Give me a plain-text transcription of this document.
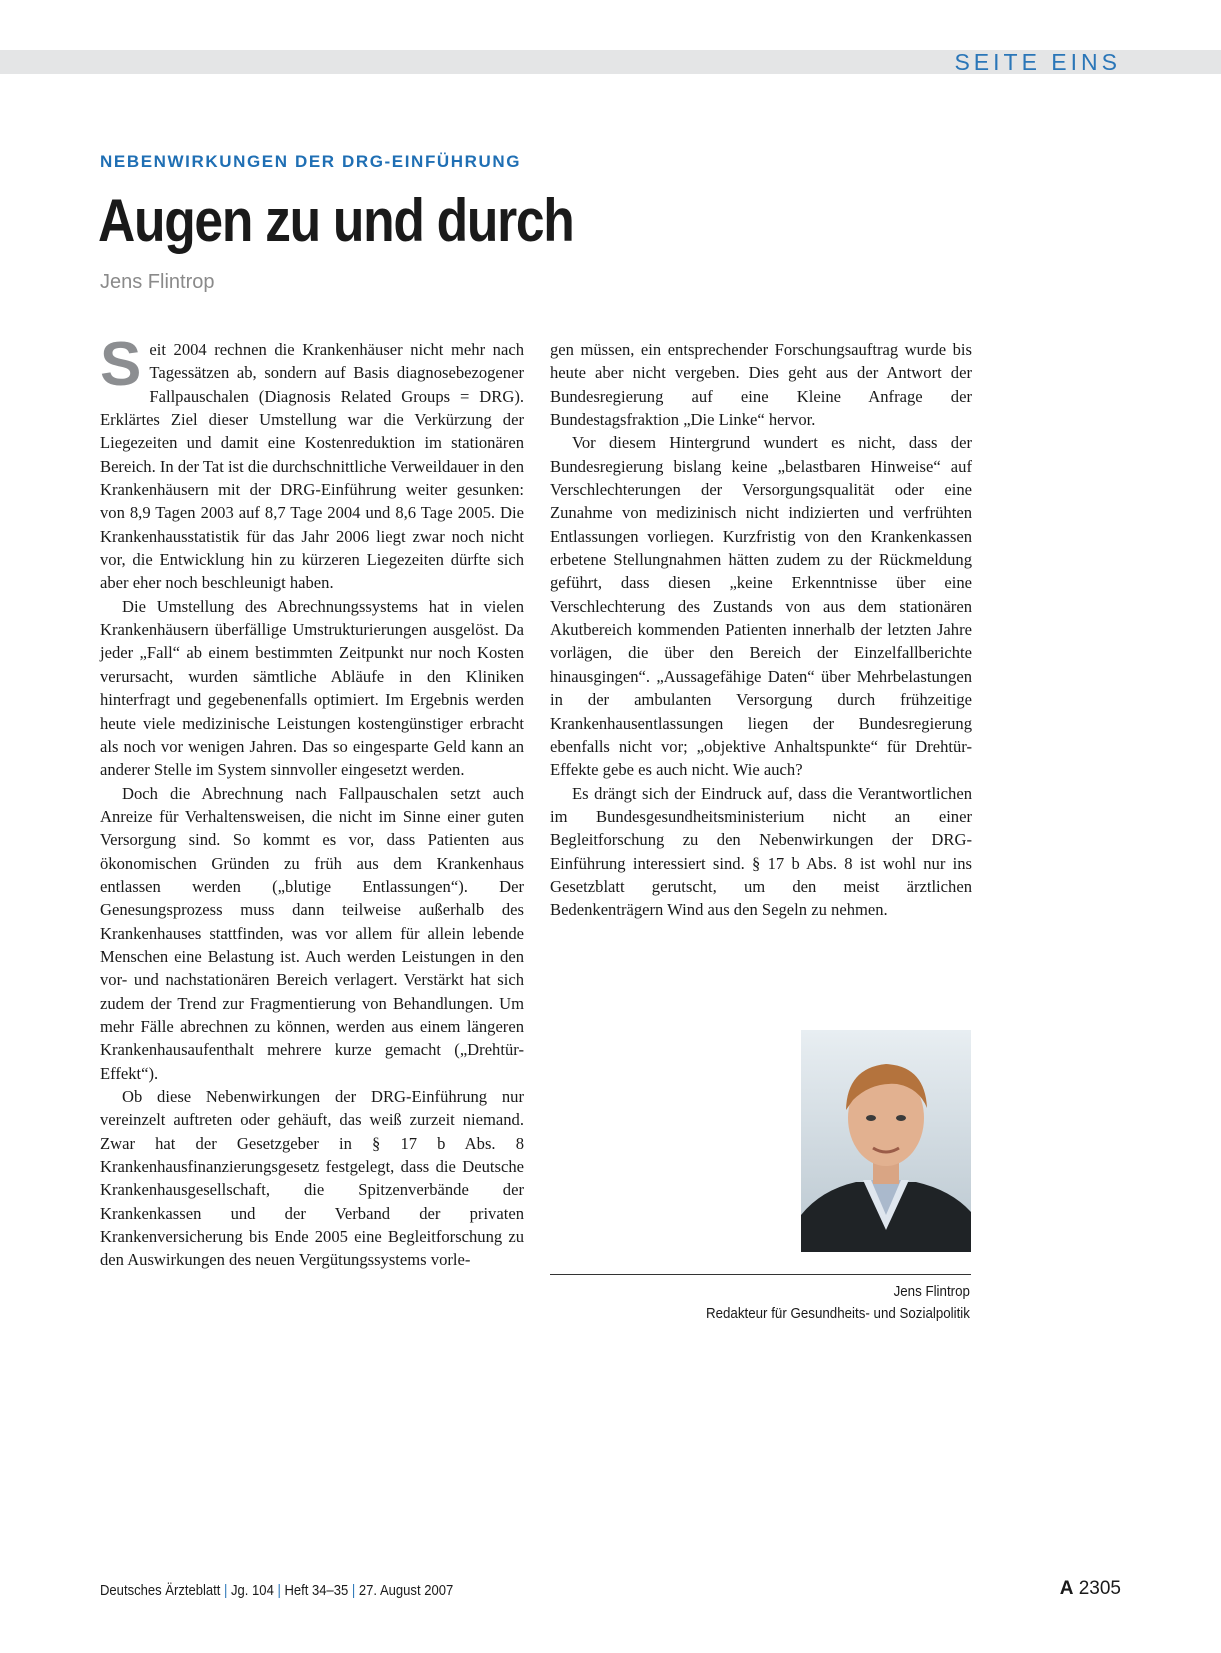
SEITE EINS
NEBENWIRKUNGEN DER DRG-EINFÜHRUNG
Augen zu und durch
Jens Flintrop

Seit 2004 rechnen die Krankenhäuser nicht mehr nach Tagessätzen ab, sondern auf Basis diagnosebezogener Fallpauschalen (Diagnosis Related Groups = DRG). Erklärtes Ziel dieser Umstellung war die Verkürzung der Liegezeiten und damit eine Kostenreduktion im stationären Bereich. In der Tat ist die durchschnittliche Verweildauer in den Krankenhäusern mit der DRG-Einführung weiter gesunken: von 8,9 Tagen 2003 auf 8,7 Tage 2004 und 8,6 Tage 2005. Die Krankenhausstatistik für das Jahr 2006 liegt zwar noch nicht vor, die Entwicklung hin zu kürzeren Liegezeiten dürfte sich aber eher noch beschleunigt haben.

Die Umstellung des Abrechnungssystems hat in vielen Krankenhäusern überfällige Umstrukturierungen ausgelöst. Da jeder „Fall“ ab einem bestimmten Zeitpunkt nur noch Kosten verursacht, wurden sämtliche Abläufe in den Kliniken hinterfragt und gegebenenfalls optimiert. Im Ergebnis werden heute viele medizinische Leistungen kostengünstiger erbracht als noch vor wenigen Jahren. Das so eingesparte Geld kann an anderer Stelle im System sinnvoller eingesetzt werden.

Doch die Abrechnung nach Fallpauschalen setzt auch Anreize für Verhaltensweisen, die nicht im Sinne einer guten Versorgung sind. So kommt es vor, dass Patienten aus ökonomischen Gründen zu früh aus dem Krankenhaus entlassen werden („blutige Entlassungen“). Der Genesungsprozess muss dann teilweise außerhalb des Krankenhauses stattfinden, was vor allem für allein lebende Menschen eine Belastung ist. Auch werden Leistungen in den vor- und nachstationären Bereich verlagert. Verstärkt hat sich zudem der Trend zur Fragmentierung von Behandlungen. Um mehr Fälle abrechnen zu können, werden aus einem längeren Krankenhausaufenthalt mehrere kurze gemacht („Drehtür-Effekt“).

Ob diese Nebenwirkungen der DRG-Einführung nur vereinzelt auftreten oder gehäuft, das weiß zurzeit niemand. Zwar hat der Gesetzgeber in § 17 b Abs. 8 Krankenhausfinanzierungsgesetz festgelegt, dass die Deutsche Krankenhausgesellschaft, die Spitzenverbände der Krankenkassen und der Verband der privaten Krankenversicherung bis Ende 2005 eine Begleitforschung zu den Auswirkungen des neuen Vergütungssystems vorle-

gen müssen, ein entsprechender Forschungsauftrag wurde bis heute aber nicht vergeben. Dies geht aus der Antwort der Bundesregierung auf eine Kleine Anfrage der Bundestagsfraktion „Die Linke“ hervor.

Vor diesem Hintergrund wundert es nicht, dass der Bundesregierung bislang keine „belastbaren Hinweise“ auf Verschlechterungen der Versorgungsqualität oder eine Zunahme von medizinisch nicht indizierten und verfrühten Entlassungen vorliegen. Kurzfristig von den Krankenkassen erbetene Stellungnahmen hätten zudem zu der Rückmeldung geführt, dass diesen „keine Erkenntnisse über eine Verschlechterung des Zustands von aus dem stationären Akutbereich kommenden Patienten innerhalb der letzten Jahre vorlägen, die über den Bereich der Einzelfallberichte hinausgingen“. „Aussagefähige Daten“ über Mehrbelastungen in der ambulanten Versorgung durch frühzeitige Krankenhausentlassungen liegen der Bundesregierung ebenfalls nicht vor; „objektive Anhaltspunkte“ für Drehtür-Effekte gebe es auch nicht. Wie auch?

Es drängt sich der Eindruck auf, dass die Verantwortlichen im Bundesgesundheitsministerium nicht an einer Begleitforschung zu den Nebenwirkungen der DRG-Einführung interessiert sind. § 17 b Abs. 8 ist wohl nur ins Gesetzblatt gerutscht, um den meist ärztlichen Bedenkenträgern Wind aus den Segeln zu nehmen.

Jens Flintrop
Redakteur für Gesundheits- und Sozialpolitik
Deutsches Ärzteblatt | Jg. 104 | Heft 34–35 | 27. August 2007	A 2305
